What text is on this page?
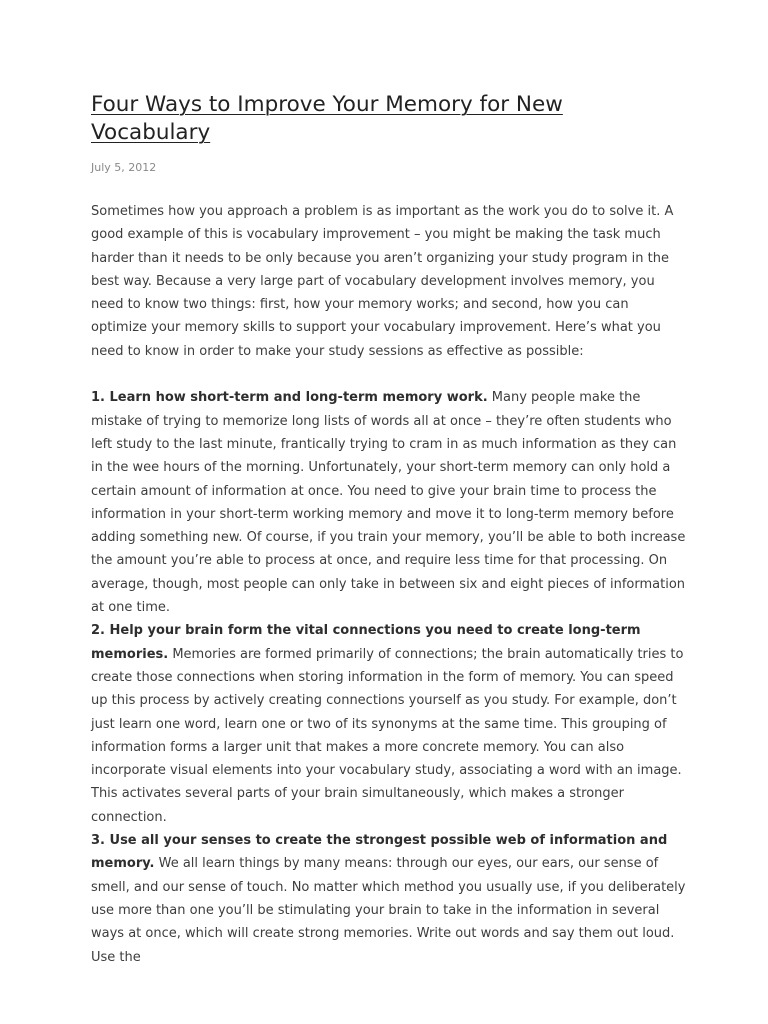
Four Ways to Improve Your Memory for New Vocabulary
July 5, 2012

Sometimes how you approach a problem is as important as the work you do to solve it. A good example of this is vocabulary improvement – you might be making the task much harder than it needs to be only because you aren’t organizing your study program in the best way. Because a very large part of vocabulary development involves memory, you need to know two things: first, how your memory works; and second, how you can optimize your memory skills to support your vocabulary improvement. Here’s what you need to know in order to make your study sessions as effective as possible:

1. Learn how short-term and long-term memory work. Many people make the mistake of trying to memorize long lists of words all at once – they’re often students who left study to the last minute, frantically trying to cram in as much information as they can in the wee hours of the morning. Unfortunately, your short-term memory can only hold a certain amount of information at once. You need to give your brain time to process the information in your short-term working memory and move it to long-term memory before adding something new. Of course, if you train your memory, you’ll be able to both increase the amount you’re able to process at once, and require less time for that processing. On average, though, most people can only take in between six and eight pieces of information at one time.

2. Help your brain form the vital connections you need to create long-term memories. Memories are formed primarily of connections; the brain automatically tries to create those connections when storing information in the form of memory. You can speed up this process by actively creating connections yourself as you study. For example, don’t just learn one word, learn one or two of its synonyms at the same time. This grouping of information forms a larger unit that makes a more concrete memory. You can also incorporate visual elements into your vocabulary study, associating a word with an image. This activates several parts of your brain simultaneously, which makes a stronger connection.

3. Use all your senses to create the strongest possible web of information and memory. We all learn things by many means: through our eyes, our ears, our sense of smell, and our sense of touch. No matter which method you usually use, if you deliberately use more than one you’ll be stimulating your brain to take in the information in several ways at once, which will create strong memories. Write out words and say them out loud. Use the
